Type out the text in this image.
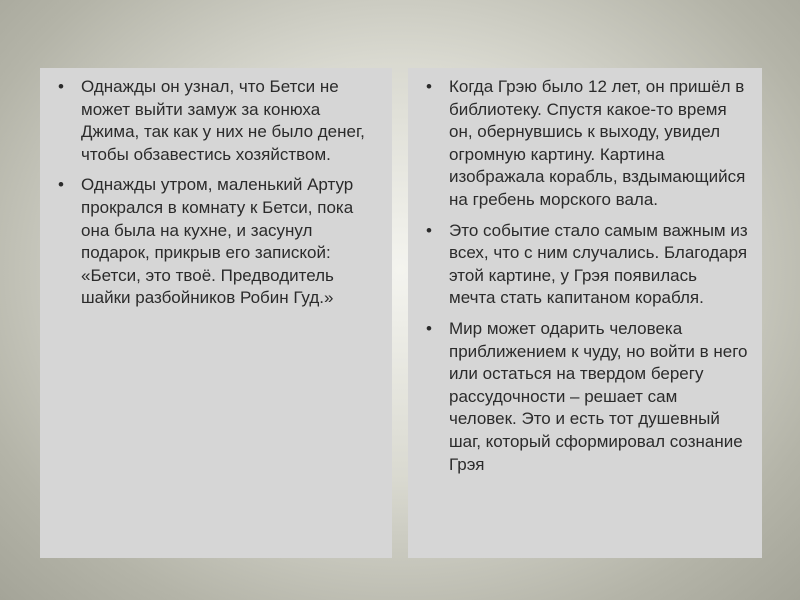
• Однажды он узнал, что Бетси не может выйти замуж за конюха Джима, так как у них не было денег, чтобы обзавестись хозяйством.
• Однажды утром, маленький Артур прокрался в комнату к Бетси, пока она была на кухне, и засунул подарок, прикрыв его запиской: «Бетси, это твоё. Предводитель шайки разбойников Робин Гуд.»
• Когда Грэю было 12 лет, он пришёл в библиотеку. Спустя какое-то время он, обернувшись к выходу, увидел огромную картину. Картина изображала корабль, вздымающийся на гребень морского вала.
• Это событие стало самым важным из всех, что с ним случались. Благодаря этой картине, у Грэя появилась мечта стать капитаном корабля.
• Мир может одарить человека приближением к чуду, но войти в него или остаться на твердом берегу рассудочности – решает сам человек. Это и есть тот душевный шаг, который сформировал сознание Грэя
